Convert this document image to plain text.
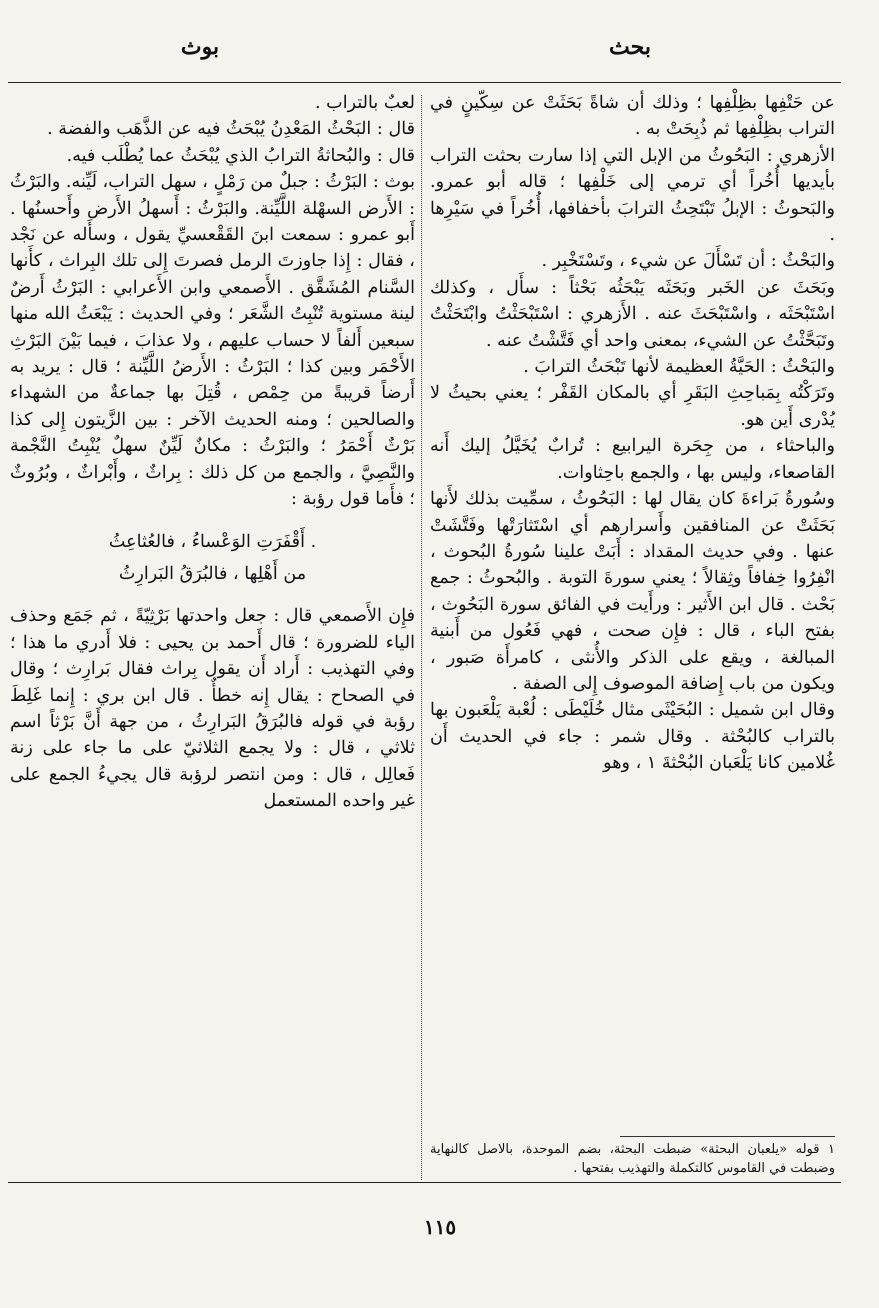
بحث
بوث

عن حَتْفِها بظِلْفِها ؛ وذلك أن شاةً بَحَثَتْ عن سِكّينٍ في التراب بظِلْفِها ثم ذُبِحَتْ به .

الأزهري : البَحُوثُ من الإبل التي إذا سارت بحثت التراب بأيديها أُخُراً أي ترمي إلى خَلْفِها ؛ قاله أبو عمرو. والبَحوثُ : الإبلُ تَبْتَحِثُ الترابَ بأخفافها، أُخُراً في سَيْرِها .

والبَحْثُ : أن تَسْأَلَ عن شيء ، وتَسْتَخْبِر .

وبَحَثَ عن الخَبر وبَحَثَه يَبْحَثُه بَحْثاً : سأَل ، وكذلك اسْتَبْحَثَه ، واسْتَبْحَثَ عنه . الأَزهري : اسْتَبْحَثْتُ وابْتَحَثْتُ وتَبَحَّثْتُ عن الشيء، بمعنى واحد أي فَتَّشْتُ عنه .

والبَحْثُ : الحَيَّةُ العظيمة لأنها تَبْحَثُ الترابَ .

وتَرَكْتُه بِمَباحِثِ البَقَرِ أي بالمكان القَفْر ؛ يعني بحيثُ لا يُدْرى أَين هو.

والباحثاء ، من جِحَرة اليرابيع : تُرابٌ يُخَيَّلُ إليك أَنه القاصعاء، وليس بها ، والجمع باحِثاوات.

وسُورةُ بَراءةَ كان يقال لها : البَحُوثُ ، سمِّيت بذلك لأَنها بَحَثَتْ عن المنافقين وأَسرارهم أي اسْتَثارَتْها وفَتَّشَتْ عنها . وفي حديث المقداد : أَبَتْ علينا سُورةُ البُحوث ، انْفِرُوا خِفافاً وثِقالاً ؛ يعني سورةَ التوبة . والبُحوثُ : جمع بَحْث . قال ابن الأَثير : ورأَيت في الفائق سورة البَحُوث ، بفتح الباء ، قال : فإِن صحت ، فهي فَعُول من أَبنية المبالغة ، ويقع على الذكر والأُنثى ، كامرأَة صَبور ، ويكون من باب إِضافة الموصوف إِلى الصفة .

وقال ابن شميل : البُحَيْثَى مثال خُلَيْطَى : لُعْبة يَلْعَبون بها بالتراب كالبُحْثة . وقال شمر : جاء في الحديث أَن غُلامين كانا يَلْعَبان البُحْثةَ ١ ، وهو

لعبٌ بالتراب .

قال : البَحْثُ المَعْدِنُ يُبْحَثُ فيه عن الذَّهَب والفضة .

قال : والبُحاثةُ الترابُ الذي يُبْحَثُ عما يُطْلَب فيه.

بوث : البَرْثُ : جبلٌ من رَمْلٍ ، سهل التراب، لَيِّنه. والبَرْثُ : الأَرض السهْلة اللَّيِّنة. والبَرْثُ : أَسهلُ الأَرض وأَحسنُها . أَبو عمرو : سمعت ابنَ القَقْعسيِّ يقول ، وسأَله عن نَجْد ، فقال : إِذا جاوزتَ الرمل فصرتَ إِلى تلك البِراث ، كأَنها السَّنام المُشَقَّق . الأَصمعي وابن الأَعرابي : البَرْثُ أَرضٌ لينة مستوية تُنْبِتُ الشَّعَر ؛ وفي الحديث : يَبْعَثُ الله منها سبعين أَلفاً لا حساب عليهم ، ولا عذابَ ، فيما بَيْنَ البَرْثِ الأَحْمَر وبين كذا ؛ البَرْثُ : الأَرضُ اللَّيِّنة ؛ قال : يريد به أَرضاً قريبةً من حِمْص ، قُتِلَ بها جماعةٌ من الشهداء والصالحين ؛ ومنه الحديث الآخر : بين الزَّيتون إِلى كذا بَرْثٌ أَحْمَرُ ؛ والبَرْثُ : مكانٌ لَيِّنٌ سهلٌ يُنْبِتُ النَّجْمة والنَّصِيَّ ، والجمع من كل ذلك : بِراثٌ ، وأَبْراثٌ ، وبُرُوثٌ ؛ فأَما قول رؤبة :

. أَقْفَرَتِ الوَعْساءُ ، فالعُثاعِثُ

من أَهْلِها ، فالبُرَقُ البَرارِثُ

فإِن الأَصمعي قال : جعل واحدتها بَرْثِيّةً ، ثم جَمَع وحذف الياء للضرورة ؛ قال أَحمد بن يحيى : فلا أَدري ما هذا ؛ وفي التهذيب : أَراد أَن يقول بِراث فقال بَرارِث ؛ وقال في الصحاح : يقال إِنه خطأٌ . قال ابن بري : إِنما غَلِطَ رؤبة في قوله فالبُرَقُ البَرارِثُ ، من جهة أَنَّ بَرْثاً اسم ثلاثي ، قال : ولا يجمع الثلاثيّ على ما جاء على زنة فَعالِل ، قال : ومن انتصر لرؤبة قال يجيءُ الجمع على غير واحده المستعمل

١ قوله «يلعبان البحثة» ضبطت البحثة، بضم الموحدة، بالاصل كالنهاية وضبطت في القاموس كالتكملة والتهذيب بفتحها .
١١٥
